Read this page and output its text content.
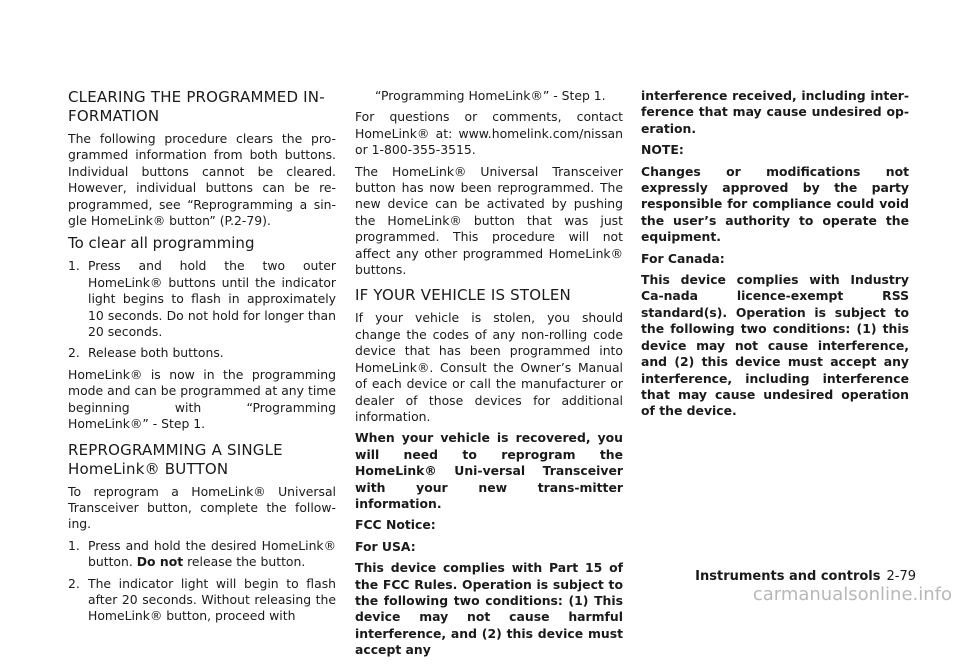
CLEARING THE PROGRAMMED IN-FORMATION

The following procedure clears the pro-grammed information from both buttons. Individual buttons cannot be cleared. However, individual buttons can be re-programmed, see “Reprogramming a sin-gle HomeLink® button” (P.2-79).

To clear all programming
1. Press and hold the two outer HomeLink® buttons until the indicator light begins to flash in approximately 10 seconds. Do not hold for longer than 20 seconds.
2. Release both buttons.

HomeLink® is now in the programming mode and can be programmed at any time beginning with “Programming HomeLink®” - Step 1.

REPROGRAMMING A SINGLE HomeLink® BUTTON

To reprogram a HomeLink® Universal Transceiver button, complete the follow-ing.

1. Press and hold the desired HomeLink® button. Do not release the button.
2. The indicator light will begin to flash after 20 seconds. Without releasing the HomeLink® button, proceed with

“Programming HomeLink®” - Step 1.

For questions or comments, contact HomeLink® at: www.homelink.com/nissan or 1-800-355-3515.

The HomeLink® Universal Transceiver button has now been reprogrammed. The new device can be activated by pushing the HomeLink® button that was just programmed. This procedure will not affect any other programmed HomeLink® buttons.

IF YOUR VEHICLE IS STOLEN

If your vehicle is stolen, you should change the codes of any non-rolling code device that has been programmed into HomeLink®. Consult the Owner’s Manual of each device or call the manufacturer or dealer of those devices for additional information.

When your vehicle is recovered, you will need to reprogram the HomeLink® Uni-versal Transceiver with your new trans-mitter information.

FCC Notice:

For USA:

This device complies with Part 15 of the FCC Rules. Operation is subject to the following two conditions: (1) This device may not cause harmful interference, and (2) this device must accept any

interference received, including inter-ference that may cause undesired op-eration.

NOTE:

Changes or modifications not expressly approved by the party responsible for compliance could void the user’s authority to operate the equipment.

For Canada:

This device complies with Industry Ca-nada licence-exempt RSS standard(s). Operation is subject to the following two conditions: (1) this device may not cause interference, and (2) this device must accept any interference, including interference that may cause undesired operation of the device.

Instruments and controls 2-79
carmanualsonline.info
